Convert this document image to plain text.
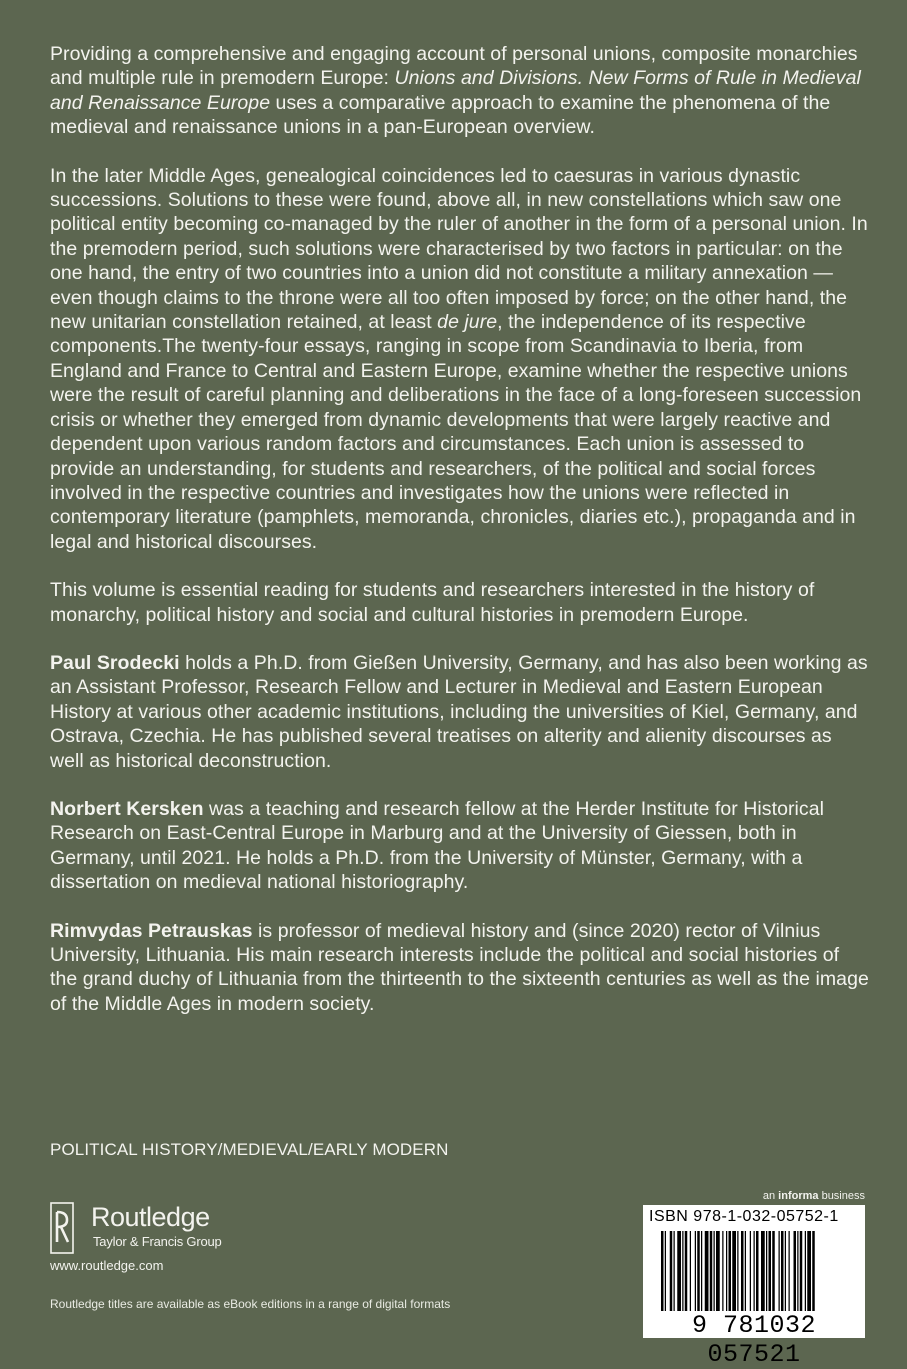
Providing a comprehensive and engaging account of personal unions, composite monarchies and multiple rule in premodern Europe: Unions and Divisions. New Forms of Rule in Medieval and Renaissance Europe uses a comparative approach to examine the phenomena of the medieval and renaissance unions in a pan-European overview.

In the later Middle Ages, genealogical coincidences led to caesuras in various dynastic successions. Solutions to these were found, above all, in new constellations which saw one political entity becoming co-managed by the ruler of another in the form of a personal union. In the premodern period, such solutions were characterised by two factors in particular: on the one hand, the entry of two countries into a union did not constitute a military annexation — even though claims to the throne were all too often imposed by force; on the other hand, the new unitarian constellation retained, at least de jure, the independence of its respective components.The twenty-four essays, ranging in scope from Scandinavia to Iberia, from England and France to Central and Eastern Europe, examine whether the respective unions were the result of careful planning and deliberations in the face of a long-foreseen succession crisis or whether they emerged from dynamic developments that were largely reactive and dependent upon various random factors and circumstances. Each union is assessed to provide an understanding, for students and researchers, of the political and social forces involved in the respective countries and investigates how the unions were reflected in contemporary literature (pamphlets, memoranda, chronicles, diaries etc.), propaganda and in legal and historical discourses.

This volume is essential reading for students and researchers interested in the history of monarchy, political history and social and cultural histories in premodern Europe.

Paul Srodecki holds a Ph.D. from Gießen University, Germany, and has also been working as an Assistant Professor, Research Fellow and Lecturer in Medieval and Eastern European History at various other academic institutions, including the universities of Kiel, Germany, and Ostrava, Czechia. He has published several treatises on alterity and alienity discourses as well as historical deconstruction.

Norbert Kersken was a teaching and research fellow at the Herder Institute for Historical Research on East-Central Europe in Marburg and at the University of Giessen, both in Germany, until 2021. He holds a Ph.D. from the University of Münster, Germany, with a dissertation on medieval national historiography.

Rimvydas Petrauskas is professor of medieval history and (since 2020) rector of Vilnius University, Lithuania. His main research interests include the political and social histories of the grand duchy of Lithuania from the thirteenth to the sixteenth centuries as well as the image of the Middle Ages in modern society.

POLITICAL HISTORY/MEDIEVAL/EARLY MODERN
Routledge
Taylor & Francis Group
www.routledge.com
Routledge titles are available as eBook editions in a range of digital formats
an informa business
ISBN 978-1-032-05752-1
9 781032 057521
